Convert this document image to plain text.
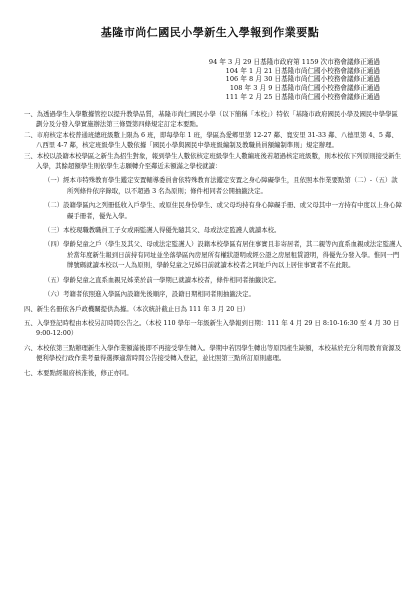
基隆市尚仁國民小學新生入學報到作業要點
94 年 3 月 29 日基隆市政府第 1159 次市務會議修正通過
104 年 1 月 21 日基隆市尚仁國小校務會議修正通過
106 年 8 月 30 日基隆市尚仁國小校務會議修正通過
108 年 3 月 9 日基隆市尚仁國小校務會議修正通過
111 年 2 月 25 日基隆市尚仁國小校務會議修正通過

一、為透過學生入學數據管控以提升教學品質，基隆市尚仁國民小學（以下簡稱「本校」）特依「基隆市政府國民小學及國民中學學區劃分及分發入學實施辦法第三條暨第四條規定訂定本要點。

二、市府核定本校普通班總班級數上限為 6 班，即每學年 1 班，學區為愛鄉里第 12-27 鄰、寬安里 31-33 鄰、八德里第 4、5 鄰、八西里 4-7 鄰，核定班級學生人數依據「國民小學與國民中學班級編制及教職員員額編制準則」規定辦理。

三、本校以設籍本校學區之新生為招生對象，報到學生人數依核定班級學生人數編班後若超過核定班級數，則本校依下列原則接受新生入學，其餘超額學生則依學生志願轉介至鄰近未額滿之學校就讀：

（一）經本市特殊教育學生鑑定安置輔導委員會依特殊教育法鑑定安置之身心障礙學生，且依照本作業要點第（二）-（五）款所列條件依序錄取，以不超過 3 名為原則；條件相同者公開抽籤決定。

（二）設籍學區內之列冊低收入戶學生、或原住民身份學生、或父母均持有身心障礙手冊、或父母其中一方持有中度以上身心障礙手冊者，優先入學。

（三）本校現職教職員工子女或兩監護人得優先隨其父、母或法定監護人就讀本校。

（四）學齡兒童之戶（學生及其父、母或法定監護人）設籍本校學區有居住事實且非寄居者，其二親等內直系血親或法定監護人於當年度新生報到日前持有同址並坐落學區內房屋所有權狀證明或經公證之房屋租賃證明，得優先分發入學。惟同一門牌號碼就讀本校以一人為原則，學齡兒童之兄姊目前就讀本校者之同址戶內以上居住事實者不在此限。

（五）學齡兒童之直系血親兄姊業於前一學期已就讀本校者，條件相同者抽籤決定。

（六）考籍者依照進入學區內設籍先後順序，設籍日期相同者則抽籤決定。

四、新生名冊依各戶政機關提供為據。（本次統計截止日為 111 年 3 月 20 日）

五、入學登記時程由本校另訂時間公告之。（本校 110 學年一年級新生入學報到日期：111 年 4 月 29 日 8:10-16:30 至 4 月 30 日 9:00-12:00）

六、本校依第三點辦理新生入學作業額滿後即不再接受學生轉入。學期中若因學生轉出等原因產生缺額，本校基於充分利用教育資源及便利學校行政作業考量得選擇適當時間公告接受轉入登記，並比照第三點所訂原則處理。

七、本要點經報府核准後，修正亦同。
